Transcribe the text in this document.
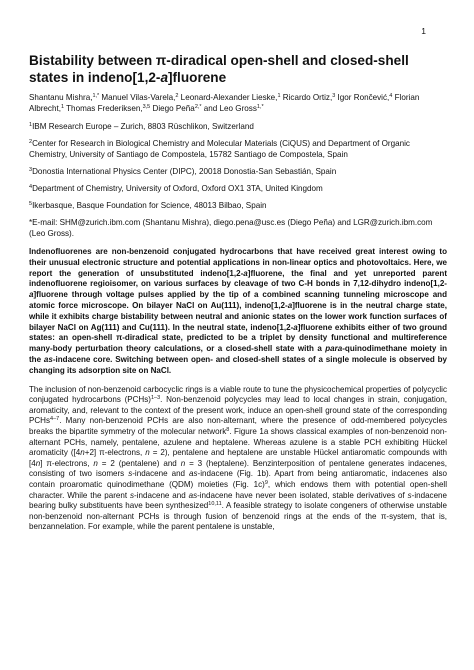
1
Bistability between π-diradical open-shell and closed-shell states in indeno[1,2-a]fluorene

Shantanu Mishra,$^{1,*}$ Manuel Vilas-Varela,$^2$ Leonard-Alexander Lieske,$^1$ Ricardo Ortiz,$^3$ Igor Rončević,$^4$ Florian Albrecht,$^1$ Thomas Frederiksen,$^{3,5}$ Diego Peña$^{2,*}$ and Leo Gross$^{1,*}$

$^1$IBM Research Europe – Zurich, 8803 Rüschlikon, Switzerland

$^2$Center for Research in Biological Chemistry and Molecular Materials (CiQUS) and Department of Organic Chemistry, University of Santiago de Compostela, 15782 Santiago de Compostela, Spain

$^3$Donostia International Physics Center (DIPC), 20018 Donostia-San Sebastián, Spain

$^4$Department of Chemistry, University of Oxford, Oxford OX1 3TA, United Kingdom

$^5$Ikerbasque, Basque Foundation for Science, 48013 Bilbao, Spain

*E-mail: SHM@zurich.ibm.com (Shantanu Mishra), diego.pena@usc.es (Diego Peña) and LGR@zurich.ibm.com (Leo Gross).

Indenofluorenes are non-benzenoid conjugated hydrocarbons that have received great interest owing to their unusual electronic structure and potential applications in non-linear optics and photovoltaics. Here, we report the generation of unsubstituted indeno[1,2-a]fluorene, the final and yet unreported parent indenofluorene regioisomer, on various surfaces by cleavage of two C-H bonds in 7,12-dihydro indeno[1,2-a]fluorene through voltage pulses applied by the tip of a combined scanning tunneling microscope and atomic force microscope. On bilayer NaCl on Au(111), indeno[1,2-a]fluorene is in the neutral charge state, while it exhibits charge bistability between neutral and anionic states on the lower work function surfaces of bilayer NaCl on Ag(111) and Cu(111). In the neutral state, indeno[1,2-a]fluorene exhibits either of two ground states: an open-shell π-diradical state, predicted to be a triplet by density functional and multireference many-body perturbation theory calculations, or a closed-shell state with a para-quinodimethane moiety in the as-indacene core. Switching between open- and closed-shell states of a single molecule is observed by changing its adsorption site on NaCl.

The inclusion of non-benzenoid carbocyclic rings is a viable route to tune the physicochemical properties of polycyclic conjugated hydrocarbons (PCHs)$^{1-3}$. Non-benzenoid polycycles may lead to local changes in strain, conjugation, aromaticity, and, relevant to the context of the present work, induce an open-shell ground state of the corresponding PCHs$^{4-7}$. Many non-benzenoid PCHs are also non-alternant, where the presence of odd-membered polycycles breaks the bipartite symmetry of the molecular network$^8$. Figure 1a shows classical examples of non-benzenoid non-alternant PCHs, namely, pentalene, azulene and heptalene. Whereas azulene is a stable PCH exhibiting Hückel aromaticity ([4n+2] π-electrons, n = 2), pentalene and heptalene are unstable Hückel antiaromatic compounds with [4n] π-electrons, n = 2 (pentalene) and n = 3 (heptalene). Benzinterposition of pentalene generates indacenes, consisting of two isomers s-indacene and as-indacene (Fig. 1b). Apart from being antiaromatic, indacenes also contain proaromatic quinodimethane (QDM) moieties (Fig. 1c)$^9$, which endows them with potential open-shell character. While the parent s-indacene and as-indacene have never been isolated, stable derivatives of s-indacene bearing bulky substituents have been synthesized$^{10,11}$. A feasible strategy to isolate congeners of otherwise unstable non-benzenoid non-alternant PCHs is through fusion of benzenoid rings at the ends of the π-system, that is, benzannelation. For example, while the parent pentalene is unstable,
